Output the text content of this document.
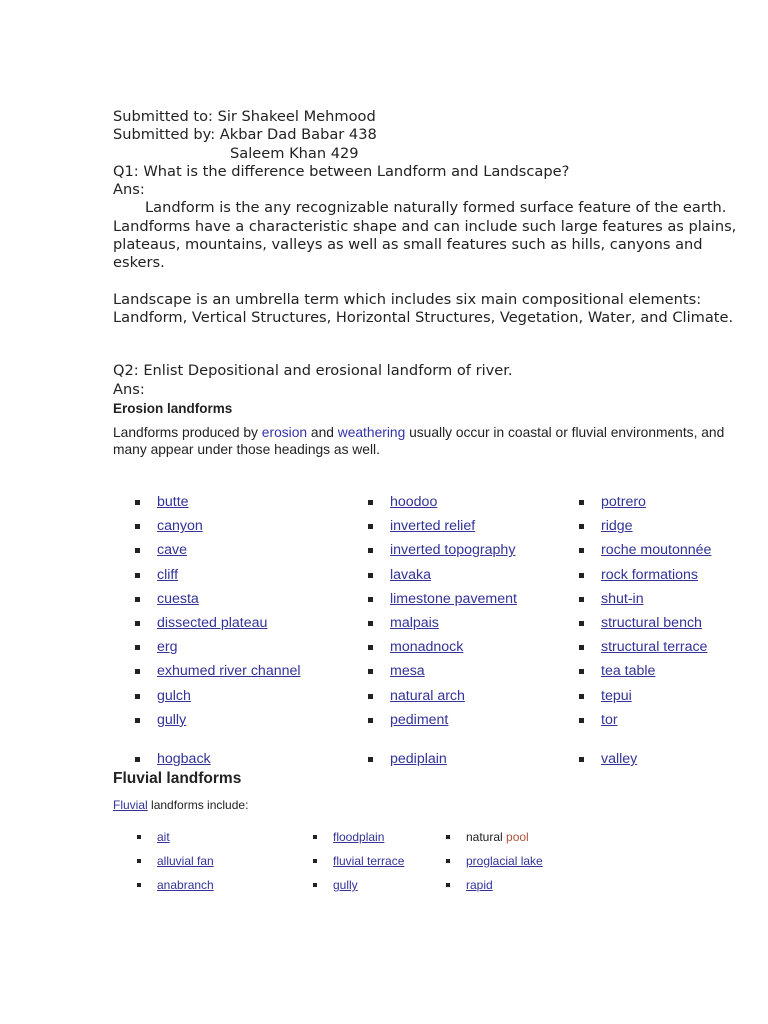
Submitted to: Sir Shakeel Mehmood

Submitted by: Akbar Dad Babar 438

Saleem Khan 429

Q1: What is the difference between Landform and Landscape?

Ans:

Landform is the any recognizable naturally formed surface feature of the earth. Landforms have a characteristic shape and can include such large features as plains, plateaus, mountains, valleys as well as small features such as hills, canyons and eskers.

Landscape is an umbrella term which includes six main compositional elements: Landform, Vertical Structures, Horizontal Structures, Vegetation, Water, and Climate.

Q2: Enlist Depositional and erosional landform of river.

Ans:

Erosion landforms

Landforms produced by erosion and weathering usually occur in coastal or fluvial environments, and many appear under those headings as well.

butte
canyon
cave
cliff
cuesta
dissected plateau
erg
exhumed river channel
gulch
gully
hoodoo
inverted relief
inverted topography
lavaka
limestone pavement
malpais
monadnock
mesa
natural arch
pediment
potrero
ridge
roche moutonnée
rock formations
shut-in
structural bench
structural terrace
tea table
tepui
tor
hogback	pediplain	valley
Fluvial landforms
Fluvial landforms include:
ait
alluvial fan
anabranch
floodplain
fluvial terrace
gully
natural pool
proglacial lake
rapid
